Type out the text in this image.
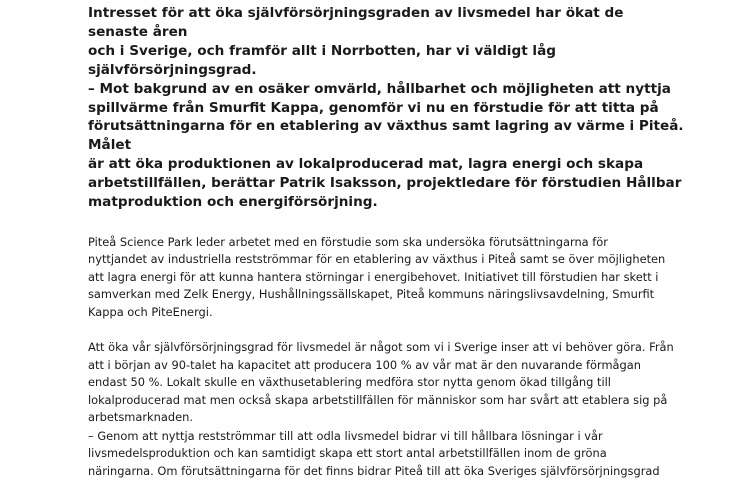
Intresset för att öka självförsörjningsgraden av livsmedel har ökat de senaste åren
och i Sverige, och framför allt i Norrbotten, har vi väldigt låg självförsörjningsgrad.
– Mot bakgrund av en osäker omvärld, hållbarhet och möjligheten att nyttja
spillvärme från Smurfit Kappa, genomför vi nu en förstudie för att titta på
förutsättningarna för en etablering av växthus samt lagring av värme i Piteå. Målet
är att öka produktionen av lokalproducerad mat, lagra energi och skapa
arbetstillfällen, berättar Patrik Isaksson, projektledare för förstudien Hållbar
matproduktion och energiförsörjning.

Piteå Science Park leder arbetet med en förstudie som ska undersöka förutsättningarna för
nyttjandet av industriella restströmmar för en etablering av växthus i Piteå samt se över möjligheten
att lagra energi för att kunna hantera störningar i energibehovet. Initiativet till förstudien har skett i
samverkan med Zelk Energy, Hushållningssällskapet, Piteå kommuns näringslivsavdelning, Smurfit
Kappa och PiteEnergi.

Att öka vår självförsörjningsgrad för livsmedel är något som vi i Sverige inser att vi behöver göra. Från
att i början av 90-talet ha kapacitet att producera 100 % av vår mat är den nuvarande förmågan
endast 50 %. Lokalt skulle en växthusetablering medföra stor nytta genom ökad tillgång till
lokalproducerad mat men också skapa arbetstillfällen för människor som har svårt att etablera sig på
arbetsmarknaden.

– Genom att nyttja restströmmar till att odla livsmedel bidrar vi till hållbara lösningar i vår
livsmedelsproduktion och kan samtidigt skapa ett stort antal arbetstillfällen inom de gröna
näringarna. Om förutsättningarna för det finns bidrar Piteå till att öka Sveriges självförsörjningsgrad
